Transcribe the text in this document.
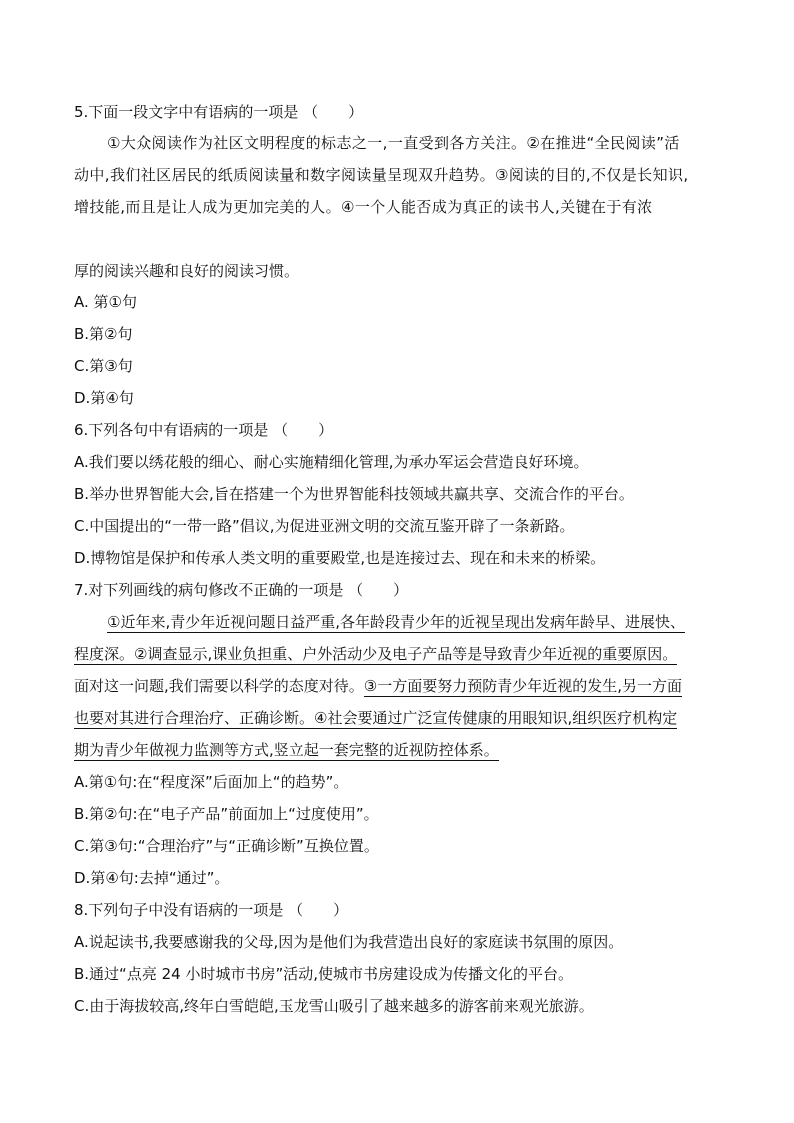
5.下面一段文字中有语病的一项是 （　　）
①大众阅读作为社区文明程度的标志之一,一直受到各方关注。②在推进“全民阅读”活
动中,我们社区居民的纸质阅读量和数字阅读量呈现双升趋势。③阅读的目的,不仅是长知识,
增技能,而且是让人成为更加完美的人。④一个人能否成为真正的读书人,关键在于有浓
厚的阅读兴趣和良好的阅读习惯。
A. 第①句
B.第②句
C.第③句
D.第④句
6.下列各句中有语病的一项是 （　　）
A.我们要以绣花般的细心、耐心实施精细化管理,为承办军运会营造良好环境。
B.举办世界智能大会,旨在搭建一个为世界智能科技领域共赢共享、交流合作的平台。
C.中国提出的“一带一路”倡议,为促进亚洲文明的交流互鉴开辟了一条新路。
D.博物馆是保护和传承人类文明的重要殿堂,也是连接过去、现在和未来的桥梁。
7.对下列画线的病句修改不正确的一项是 （　　）
①近年来,青少年近视问题日益严重,各年龄段青少年的近视呈现出发病年龄早、进展快、
程度深。②调查显示,课业负担重、户外活动少及电子产品等是导致青少年近视的重要原因。
面对这一问题,我们需要以科学的态度对待。③一方面要努力预防青少年近视的发生,另一方面
也要对其进行合理治疗、正确诊断。④社会要通过广泛宣传健康的用眼知识,组织医疗机构定
期为青少年做视力监测等方式,竖立起一套完整的近视防控体系。
A.第①句:在“程度深”后面加上“的趋势”。
B.第②句:在“电子产品”前面加上“过度使用”。
C.第③句:“合理治疗”与“正确诊断”互换位置。
D.第④句:去掉“通过”。
8.下列句子中没有语病的一项是 （　　）
A.说起读书,我要感谢我的父母,因为是他们为我营造出良好的家庭读书氛围的原因。
B.通过“点亮 24 小时城市书房”活动,使城市书房建设成为传播文化的平台。
C.由于海拔较高,终年白雪皑皑,玉龙雪山吸引了越来越多的游客前来观光旅游。
